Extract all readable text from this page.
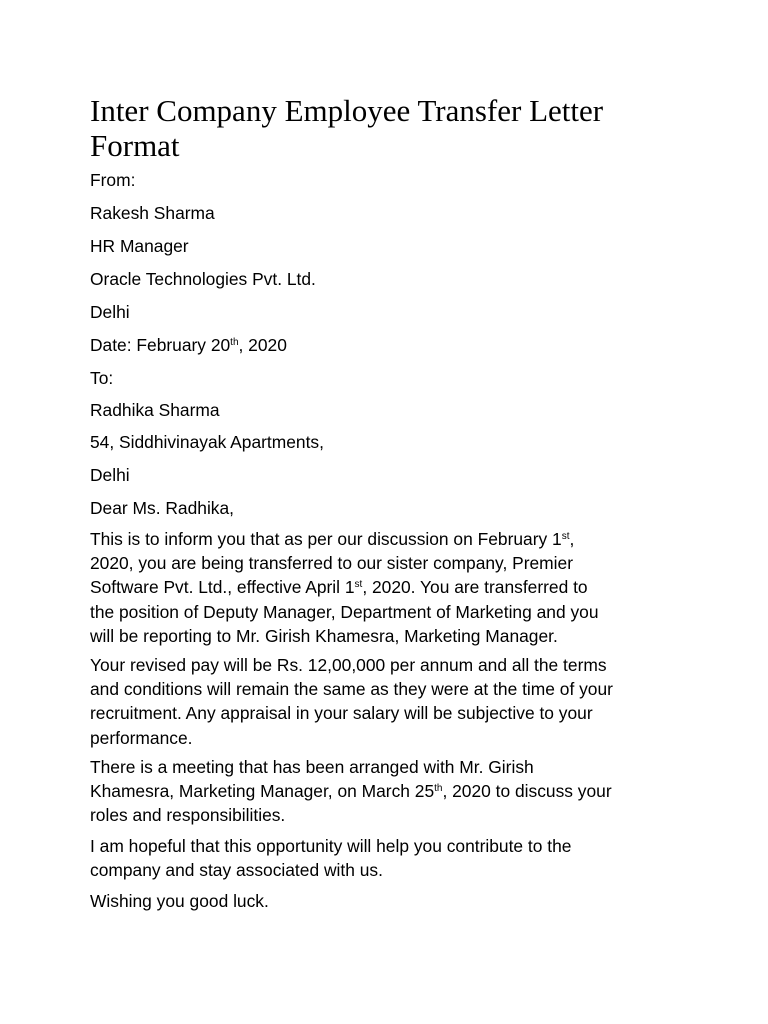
Inter Company Employee Transfer Letter
Format

From:

Rakesh Sharma

HR Manager

Oracle Technologies Pvt. Ltd.

Delhi

Date: February 20th, 2020

To:

Radhika Sharma

54, Siddhivinayak Apartments,

Delhi

Dear Ms. Radhika,

This is to inform you that as per our discussion on February 1st,
2020, you are being transferred to our sister company, Premier
Software Pvt. Ltd., effective April 1st, 2020. You are transferred to
the position of Deputy Manager, Department of Marketing and you
will be reporting to Mr. Girish Khamesra, Marketing Manager.

Your revised pay will be Rs. 12,00,000 per annum and all the terms
and conditions will remain the same as they were at the time of your
recruitment. Any appraisal in your salary will be subjective to your
performance.

There is a meeting that has been arranged with Mr. Girish
Khamesra, Marketing Manager, on March 25th, 2020 to discuss your
roles and responsibilities.

I am hopeful that this opportunity will help you contribute to the
company and stay associated with us.

Wishing you good luck.
